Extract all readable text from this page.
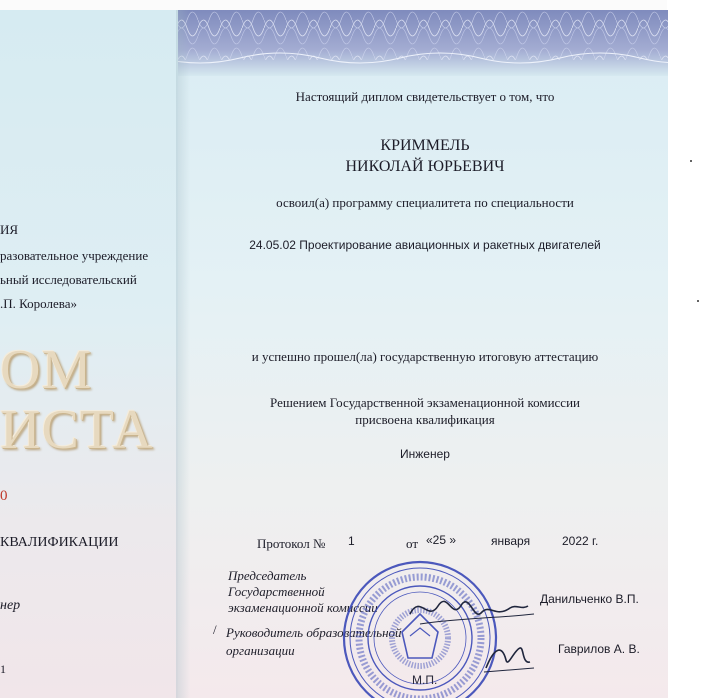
ИЯ
разовательное учреждение
ьный исследовательский
.П. Королева»
ОМ
ИСТА
0
КВАЛИФИКАЦИИ
нер
1
Настоящий диплом свидетельствует о том, что
КРИММЕЛЬ
НИКОЛАЙ ЮРЬЕВИЧ
освоил(а) программу специалитета по специальности
24.05.02 Проектирование авиационных и ракетных двигателей
и успешно прошел(ла) государственную итоговую аттестацию
Решением Государственной экзаменационной комиссии
присвоена квалификация
Инженер
Протокол № 1	от «25 »	января	2022 г.
Председатель
Государственной
экзаменационной комиссии
Данильченко В.П.
/ Руководитель образовательной
организации	Гаврилов А. В.
М.П.
